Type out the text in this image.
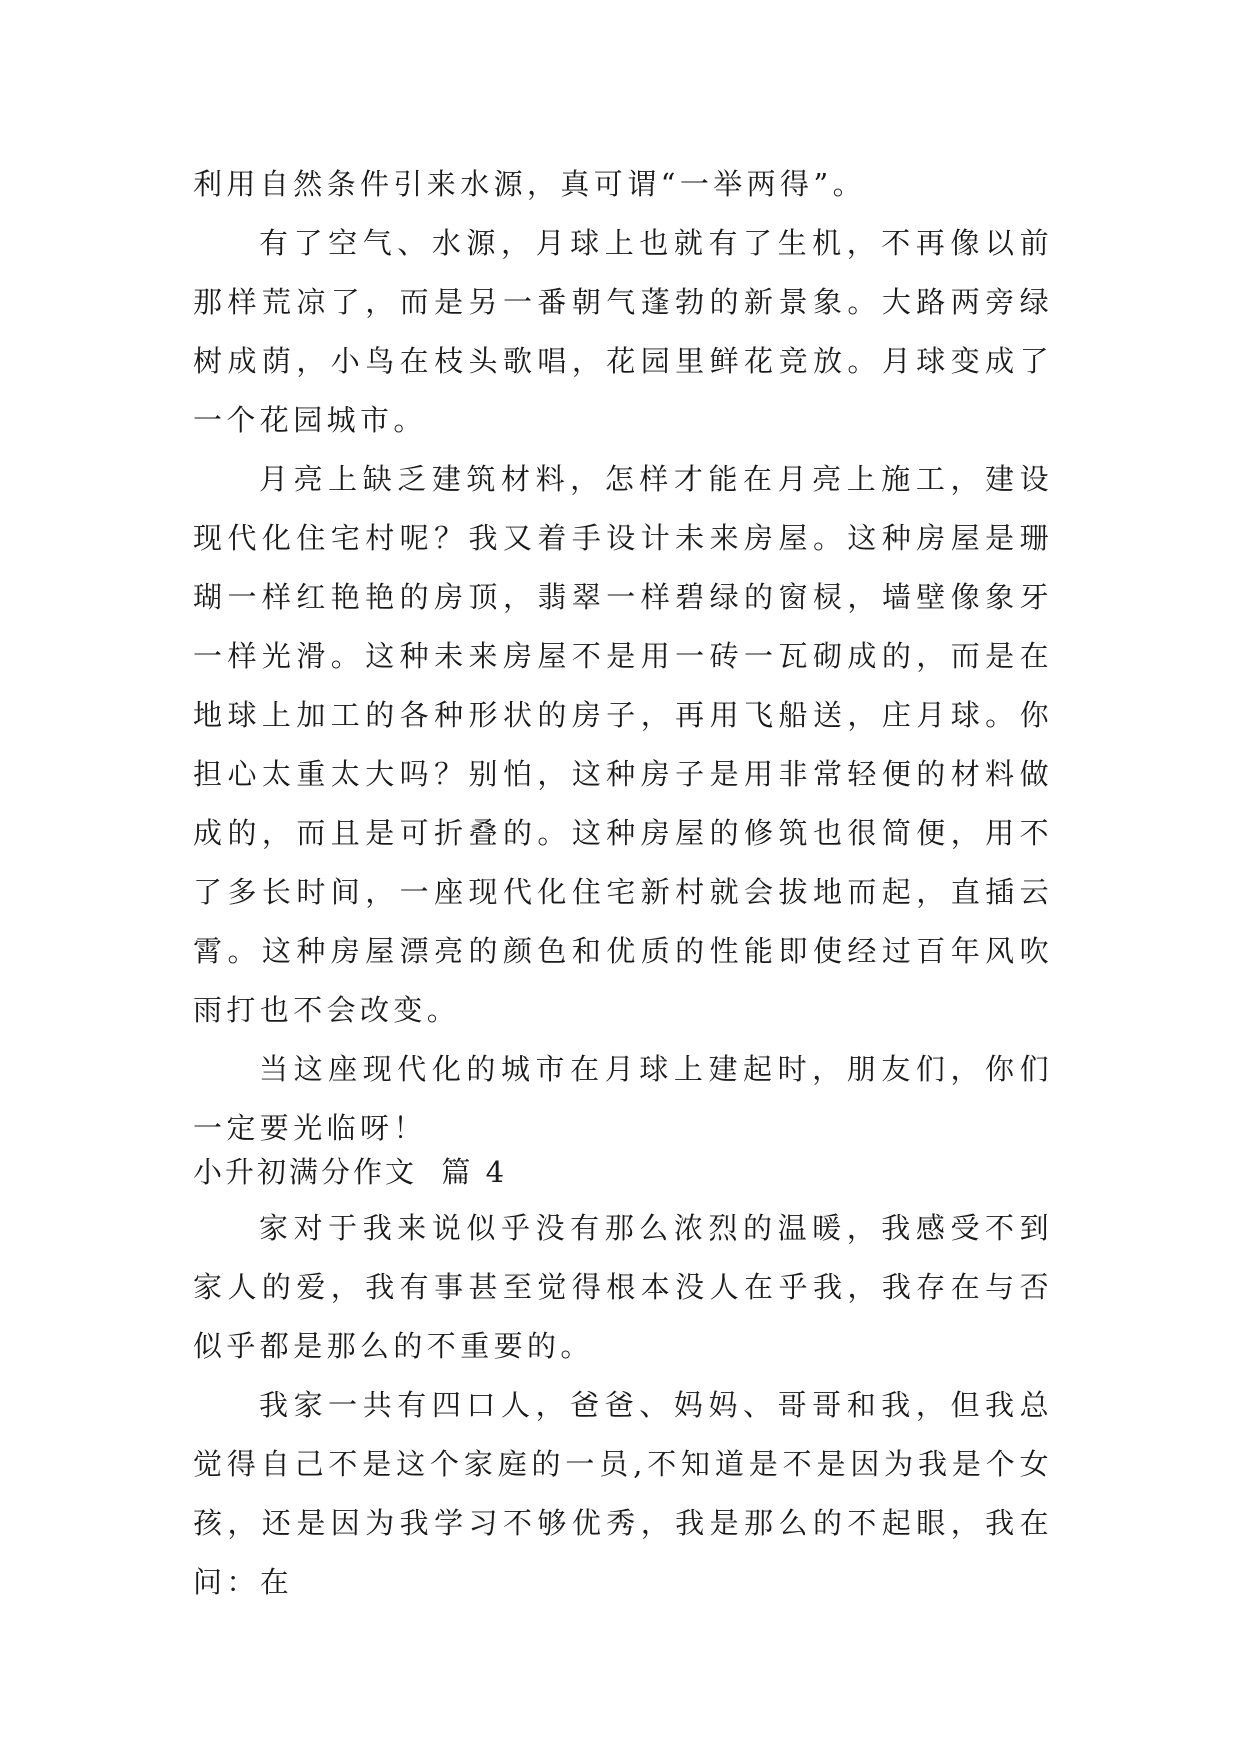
利用自然条件引来水源，真可谓“一举两得”。

有了空气、水源，月球上也就有了生机，不再像以前那样荒凉了，而是另一番朝气蓬勃的新景象。大路两旁绿树成荫，小鸟在枝头歌唱，花园里鲜花竞放。月球变成了一个花园城市。

月亮上缺乏建筑材料，怎样才能在月亮上施工，建设现代化住宅村呢？我又着手设计未来房屋。这种房屋是珊瑚一样红艳艳的房顶，翡翠一样碧绿的窗棂，墙壁像象牙一样光滑。这种未来房屋不是用一砖一瓦砌成的，而是在地球上加工的各种形状的房子，再用飞船送，庄月球。你担心太重太大吗？别怕，这种房子是用非常轻便的材料做成的，而且是可折叠的。这种房屋的修筑也很简便，用不了多长时间，一座现代化住宅新村就会拔地而起，直插云霄。这种房屋漂亮的颜色和优质的性能即使经过百年风吹雨打也不会改变。

当这座现代化的城市在月球上建起时，朋友们，你们一定要光临呀！

小升初满分作文  篇 4

家对于我来说似乎没有那么浓烈的温暖，我感受不到家人的爱，我有事甚至觉得根本没人在乎我，我存在与否似乎都是那么的不重要的。

我家一共有四口人，爸爸、妈妈、哥哥和我，但我总觉得自己不是这个家庭的一员,不知道是不是因为我是个女孩，还是因为我学习不够优秀，我是那么的不起眼，我在问：在
